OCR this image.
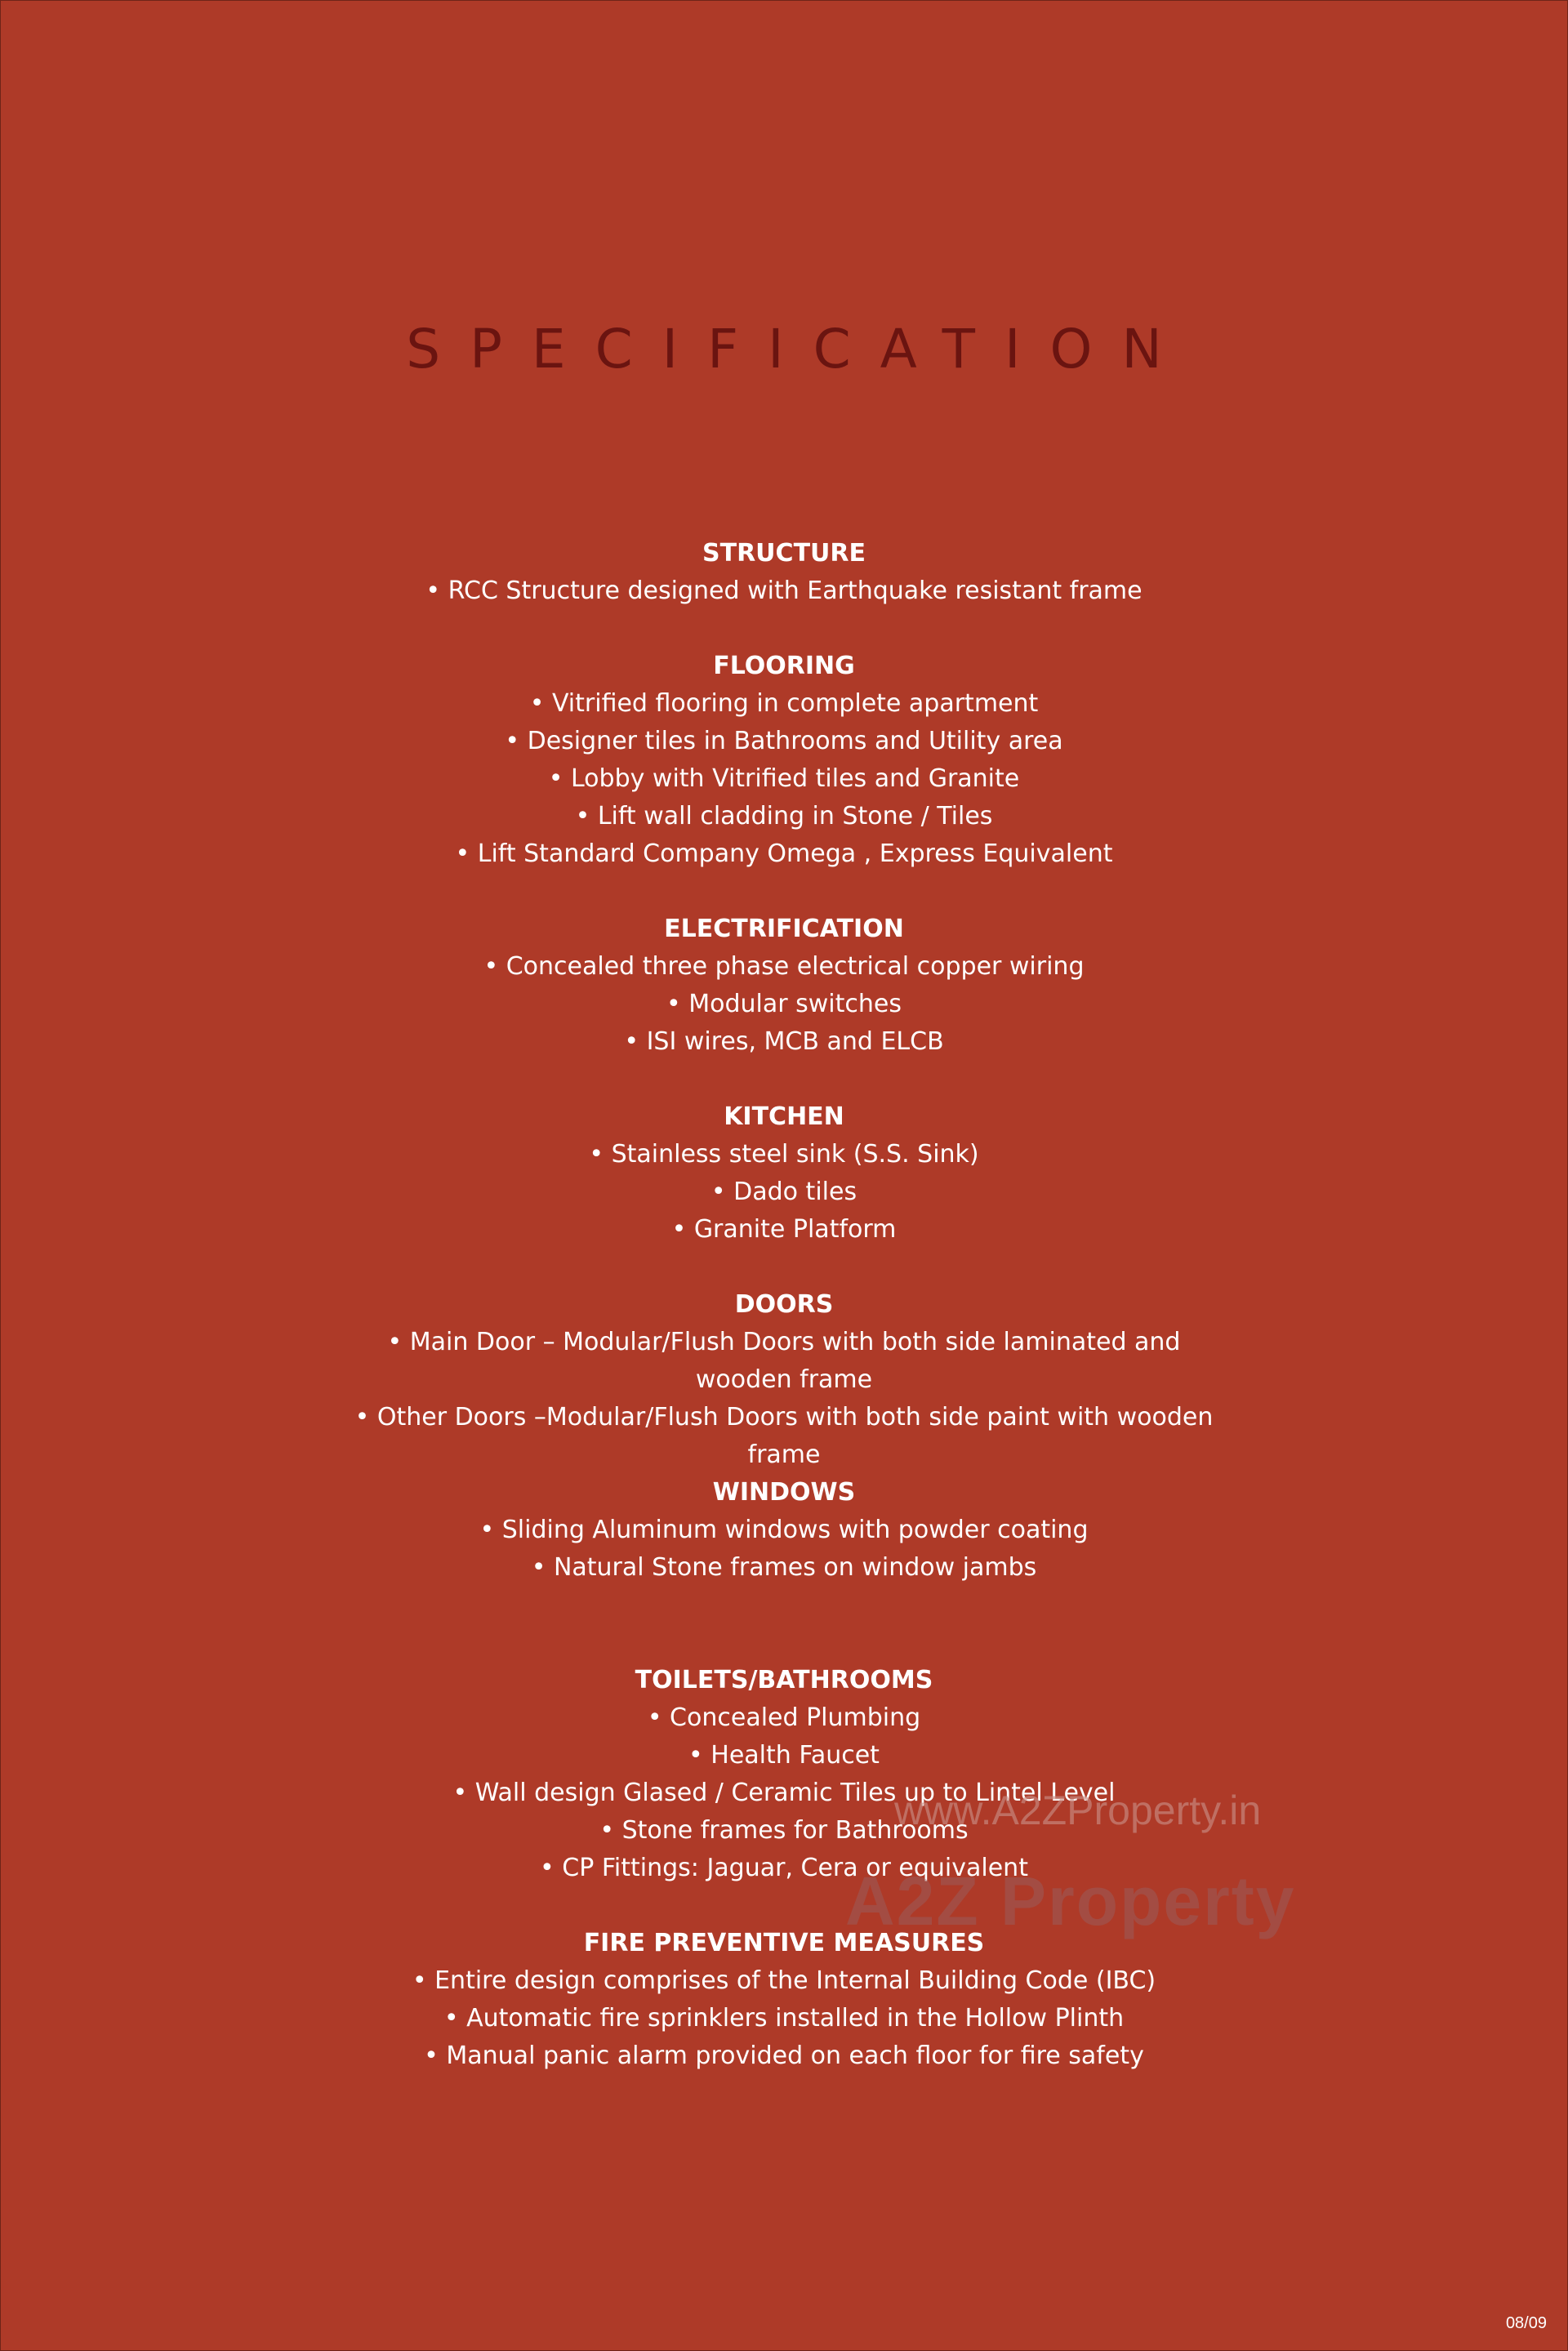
SPECIFICATION

STRUCTURE

• RCC Structure designed with Earthquake resistant frame

FLOORING

• Vitrified flooring in complete apartment

• Designer tiles in Bathrooms and Utility area

• Lobby with Vitrified tiles and Granite

• Lift wall cladding in Stone / Tiles

• Lift Standard Company Omega , Express Equivalent

ELECTRIFICATION

• Concealed three phase electrical copper wiring

• Modular switches

• ISI wires, MCB and ELCB

KITCHEN

• Stainless steel sink (S.S. Sink)

• Dado tiles

• Granite Platform

DOORS

• Main Door – Modular/Flush Doors with both side laminated and wooden frame

• Other Doors –Modular/Flush Doors with both side paint with wooden frame

WINDOWS

• Sliding Aluminum windows with powder coating

• Natural Stone frames on window jambs

TOILETS/BATHROOMS

• Concealed Plumbing

• Health Faucet

• Wall design Glased / Ceramic Tiles up to Lintel Level

• Stone frames for Bathrooms

• CP Fittings: Jaguar, Cera or equivalent

FIRE PREVENTIVE MEASURES

• Entire design comprises of the Internal Building Code (IBC)

• Automatic fire sprinklers installed in the Hollow Plinth

• Manual panic alarm provided on each floor for fire safety

www.A2ZProperty.in
A2Z Property
08/09
